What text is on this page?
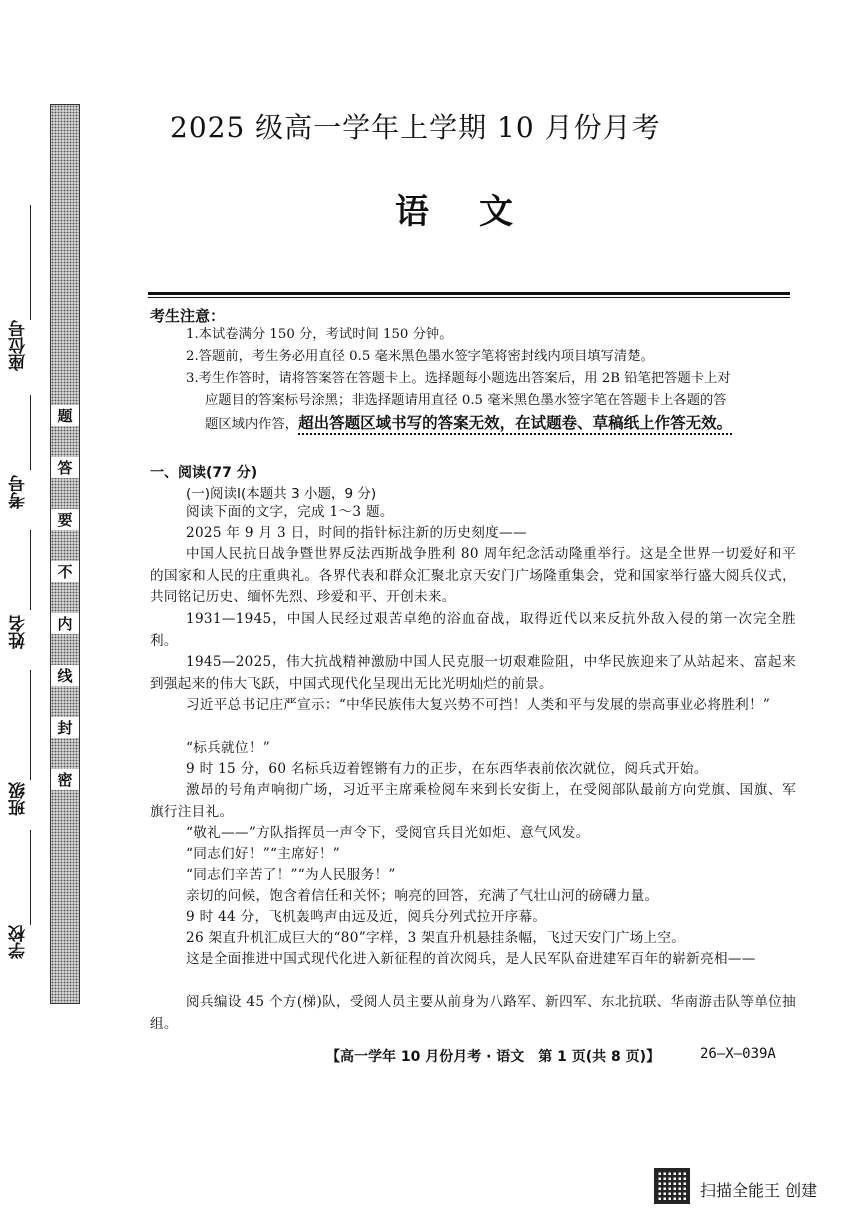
座位号
考号
姓名
班级
学校
题
答
要
不
内
线
封
密
2025 级高一学年上学期 10 月份月考
语文
考生注意：
1.本试卷满分 150 分，考试时间 150 分钟。
2.答题前，考生务必用直径 0.5 毫米黑色墨水签字笔将密封线内项目填写清楚。
3.考生作答时，请将答案答在答题卡上。选择题每小题选出答案后，用 2B 铅笔把答题卡上对
应题目的答案标号涂黑；非选择题请用直径 0.5 毫米黑色墨水签字笔在答题卡上各题的答
题区域内作答，超出答题区域书写的答案无效，在试题卷、草稿纸上作答无效。
一、阅读(77 分)
(一)阅读Ⅰ(本题共 3 小题，9 分)
阅读下面的文字，完成 1～3 题。
2025 年 9 月 3 日，时间的指针标注新的历史刻度——
中国人民抗日战争暨世界反法西斯战争胜利 80 周年纪念活动隆重举行。这是全世界一切爱好和平的国家和人民的庄重典礼。各界代表和群众汇聚北京天安门广场隆重集会，党和国家举行盛大阅兵仪式，共同铭记历史、缅怀先烈、珍爱和平、开创未来。
1931—1945，中国人民经过艰苦卓绝的浴血奋战，取得近代以来反抗外敌入侵的第一次完全胜利。
1945—2025，伟大抗战精神激励中国人民克服一切艰难险阻，中华民族迎来了从站起来、富起来到强起来的伟大飞跃，中国式现代化呈现出无比光明灿烂的前景。
习近平总书记庄严宣示：“中华民族伟大复兴势不可挡！人类和平与发展的崇高事业必将胜利！”
“标兵就位！”
9 时 15 分，60 名标兵迈着铿锵有力的正步，在东西华表前依次就位，阅兵式开始。
激昂的号角声响彻广场，习近平主席乘检阅车来到长安街上，在受阅部队最前方向党旗、国旗、军旗行注目礼。
“敬礼——”方队指挥员一声令下，受阅官兵目光如炬、意气风发。
“同志们好！”“主席好！”
“同志们辛苦了！”“为人民服务！”
亲切的问候，饱含着信任和关怀；响亮的回答，充满了气壮山河的磅礴力量。
9 时 44 分，飞机轰鸣声由远及近，阅兵分列式拉开序幕。
26 架直升机汇成巨大的“80”字样，3 架直升机悬挂条幅，飞过天安门广场上空。
这是全面推进中国式现代化进入新征程的首次阅兵，是人民军队奋进建军百年的崭新亮相——
阅兵编设 45 个方(梯)队，受阅人员主要从前身为八路军、新四军、东北抗联、华南游击队等单位抽组。
【高一学年 10 月份月考 · 语文　第 1 页(共 8 页)】	26—X—039A
扫描全能王 创建
